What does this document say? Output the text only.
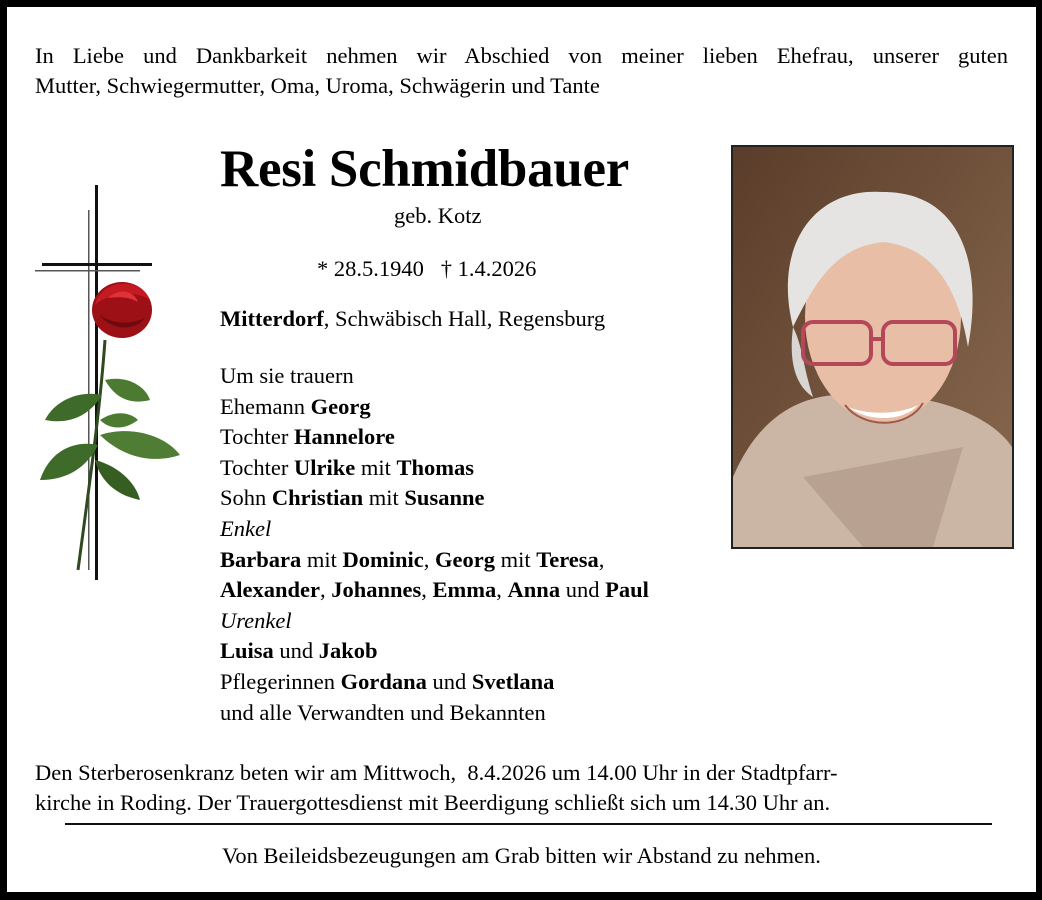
In Liebe und Dankbarkeit nehmen wir Abschied von meiner lieben Ehefrau, unserer guten
Mutter, Schwiegermutter, Oma, Uroma, Schwägerin und Tante
Resi Schmidbauer
geb. Kotz
* 28.5.1940   † 1.4.2026
Mitterdorf, Schwäbisch Hall, Regensburg
Um sie trauern
Ehemann Georg
Tochter Hannelore
Tochter Ulrike mit Thomas
Sohn Christian mit Susanne
Enkel
Barbara mit Dominic, Georg mit Teresa,
Alexander, Johannes, Emma, Anna und Paul
Urenkel
Luisa und Jakob
Pflegerinnen Gordana und Svetlana
und alle Verwandten und Bekannten
Den Sterberosenkranz beten wir am Mittwoch,  8.4.2026 um 14.00 Uhr in der Stadtpfarr-
kirche in Roding. Der Trauergottesdienst mit Beerdigung schließt sich um 14.30 Uhr an.
Von Beileidsbezeugungen am Grab bitten wir Abstand zu nehmen.
